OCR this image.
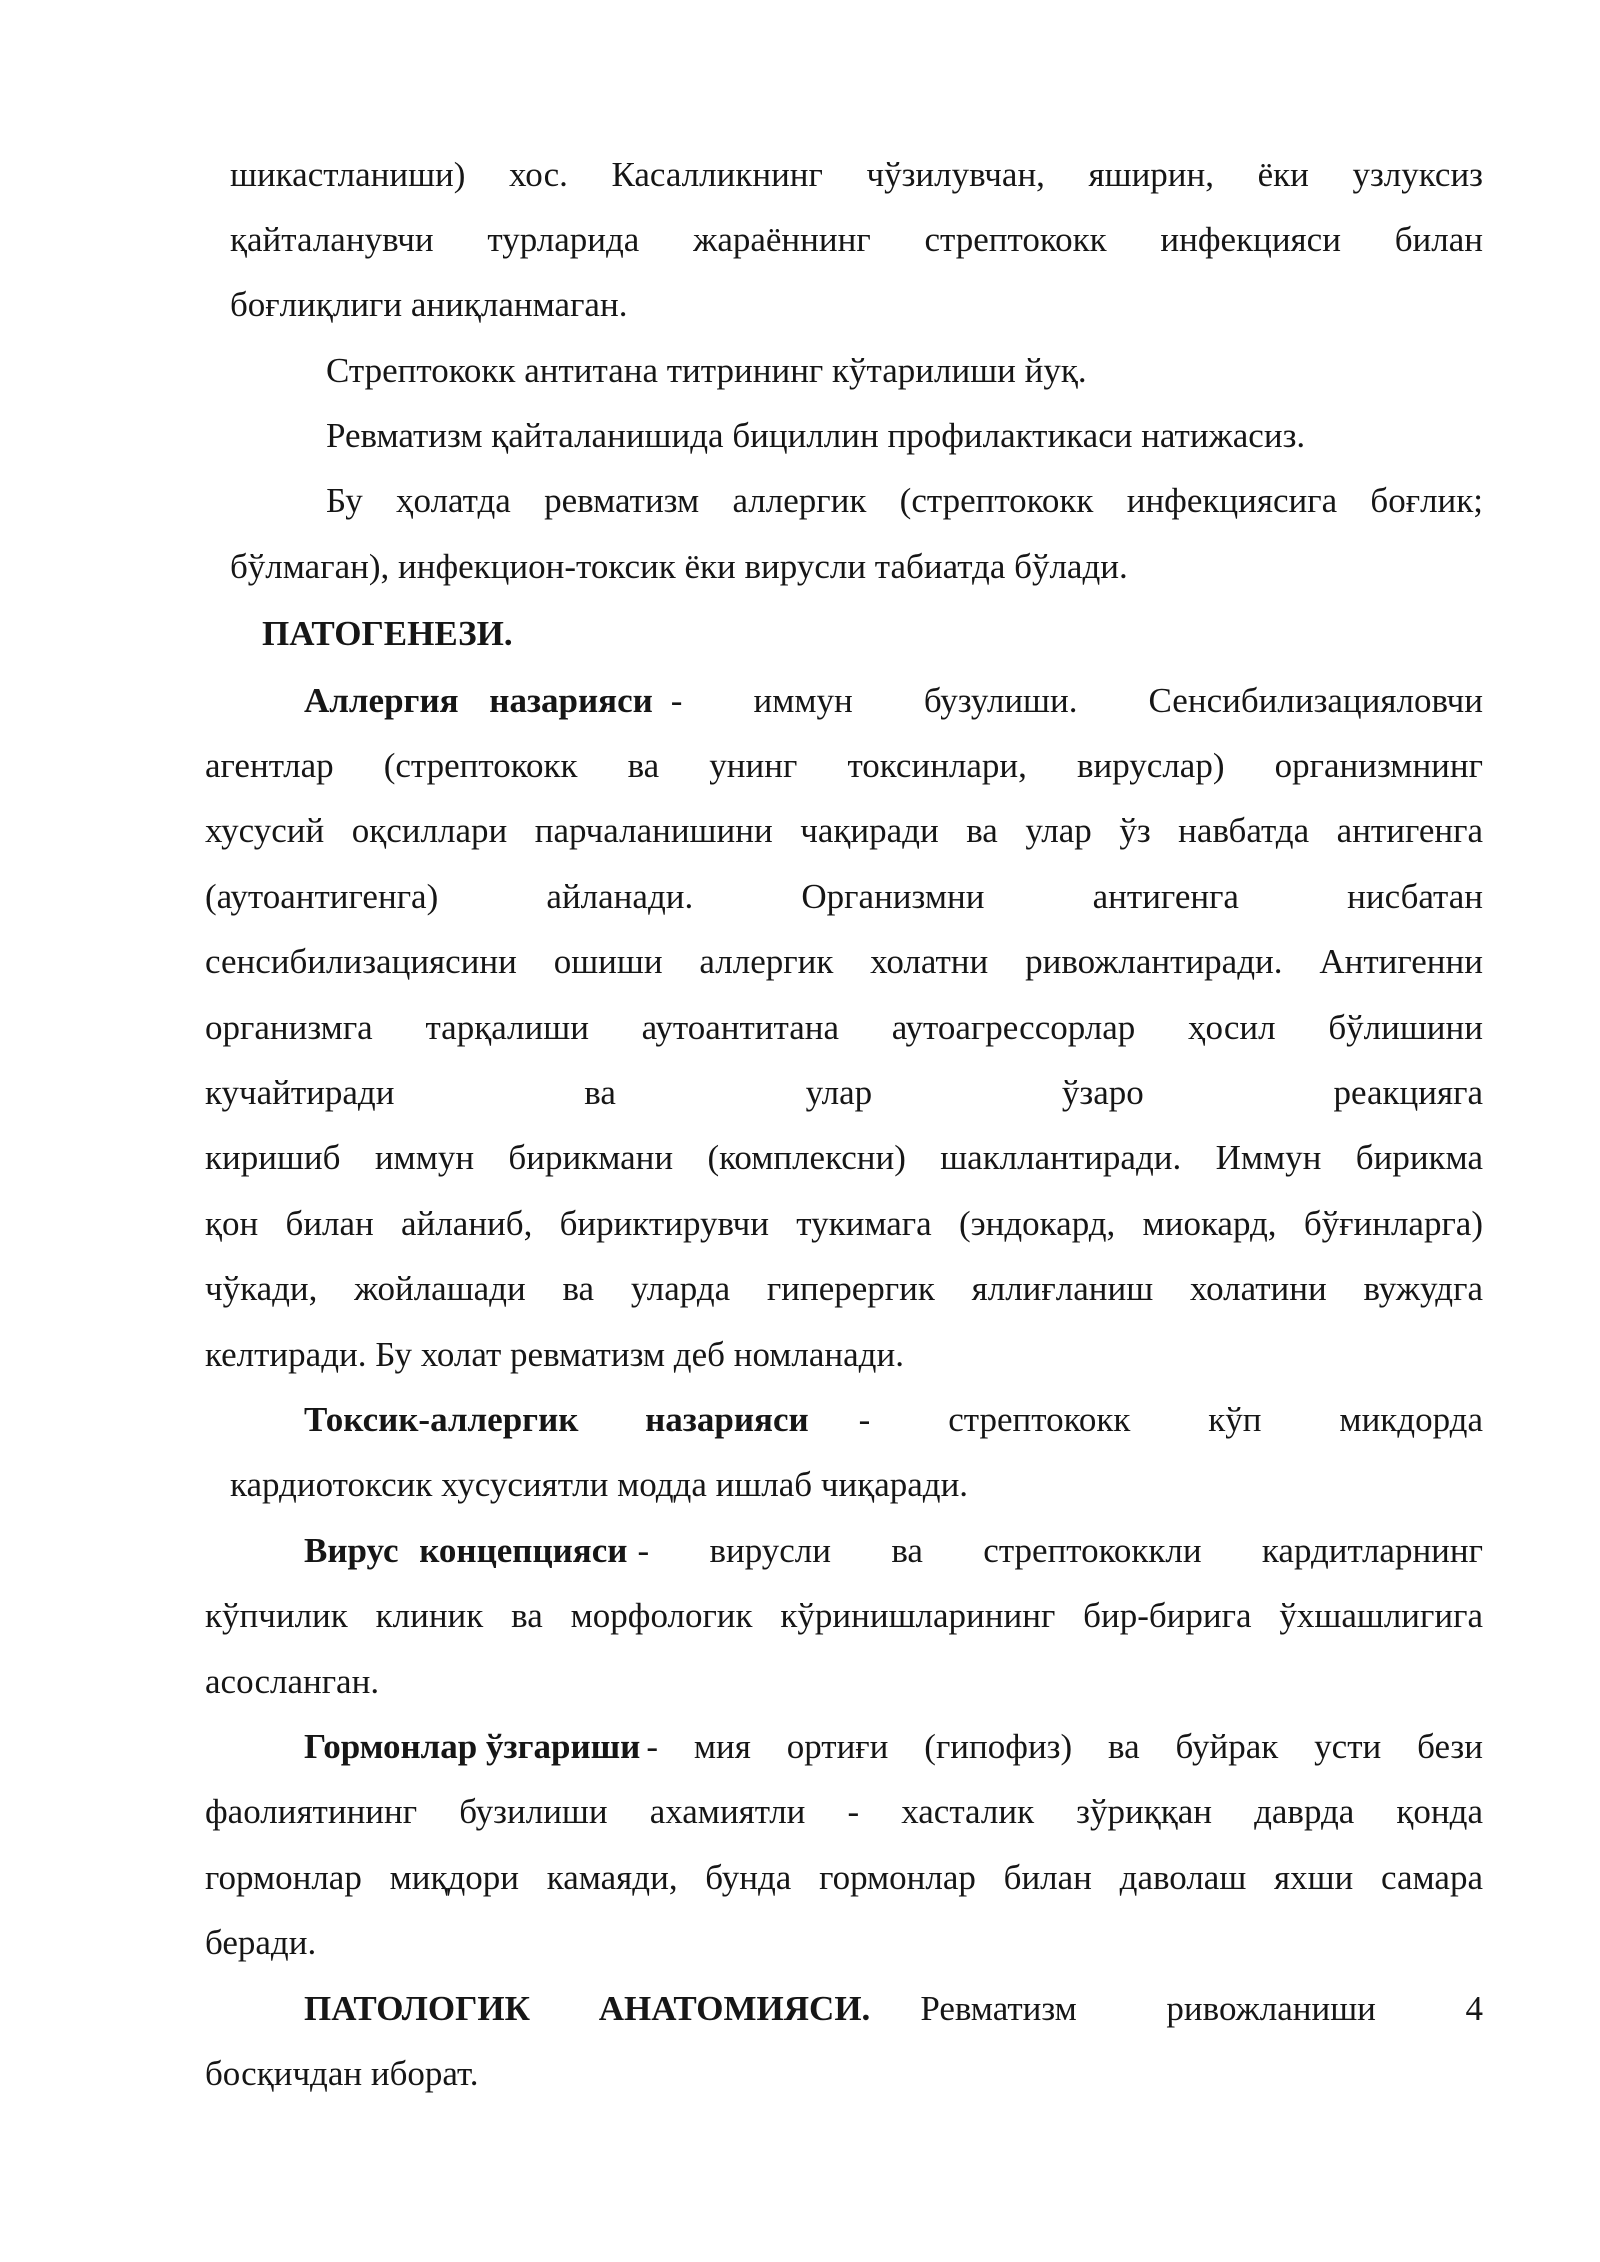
шикастланиши) хос. Касалликнинг чўзилувчан, яширин, ёки узлуксиз
қайталанувчи турларида жараённинг стрептококк инфекцияси билан
боғлиқлиги аниқланмаган.
Стрептококк антитана титрининг кўтарилиши йуқ.
Ревматизм қайталанишида бициллин профилактикаси натижасиз.
Бу ҳолатда ревматизм аллергик (стрептококк инфекциясига боғлик;
бўлмаган), инфекцион-токсик ёки вирусли табиатда бўлади.
ПАТОГЕНЕЗИ.
Аллергия назарияси - иммун бузулиши. Сенсибилизацияловчи
агентлар (стрептококк ва унинг токсинлари, вируслар) организмнинг
хусусий оқсиллари парчаланишини чақиради ва улар ўз навбатда антигенга
(аутоантигенга) айланади. Организмни антигенга нисбатан
сенсибилизациясини ошиши аллергик холатни ривожлантиради. Антигенни
организмга тарқалиши аутоантитана аутоагрессорлар ҳосил бўлишини
кучайтиради ва улар ўзаро реакцияга
киришиб иммун бирикмани (комплексни) шакллантиради. Иммун бирикма
қон билан айланиб, бириктирувчи тукимага (эндокард, миокард, бўғинларга)
чўкади, жойлашади ва уларда гиперергик яллиғланиш холатини вужудга
келтиради. Бу холат ревматизм деб номланади.
Токсик-аллергик назарияси	- стрептококк кўп микдорда
кардиотоксик хусусиятли модда ишлаб чиқаради.
Вирус концепцияси - вирусли ва стрептококкли кардитларнинг
кўпчилик клиник ва морфологик кўринишларининг бир-бирига ўхшашлигига
асосланган.
Гормонлар ўзгариши - мия ортиғи (гипофиз) ва буйрак усти бези
фаолиятининг бузилиши ахамиятли - хасталик зўриққан даврда қонда
гормонлар миқдори камаяди, бунда гормонлар билан даволаш яхши самара
беради.
ПАТОЛОГИК АНАТОМИЯСИ.	Ревматизм ривожланиши 4
босқичдан иборат.
